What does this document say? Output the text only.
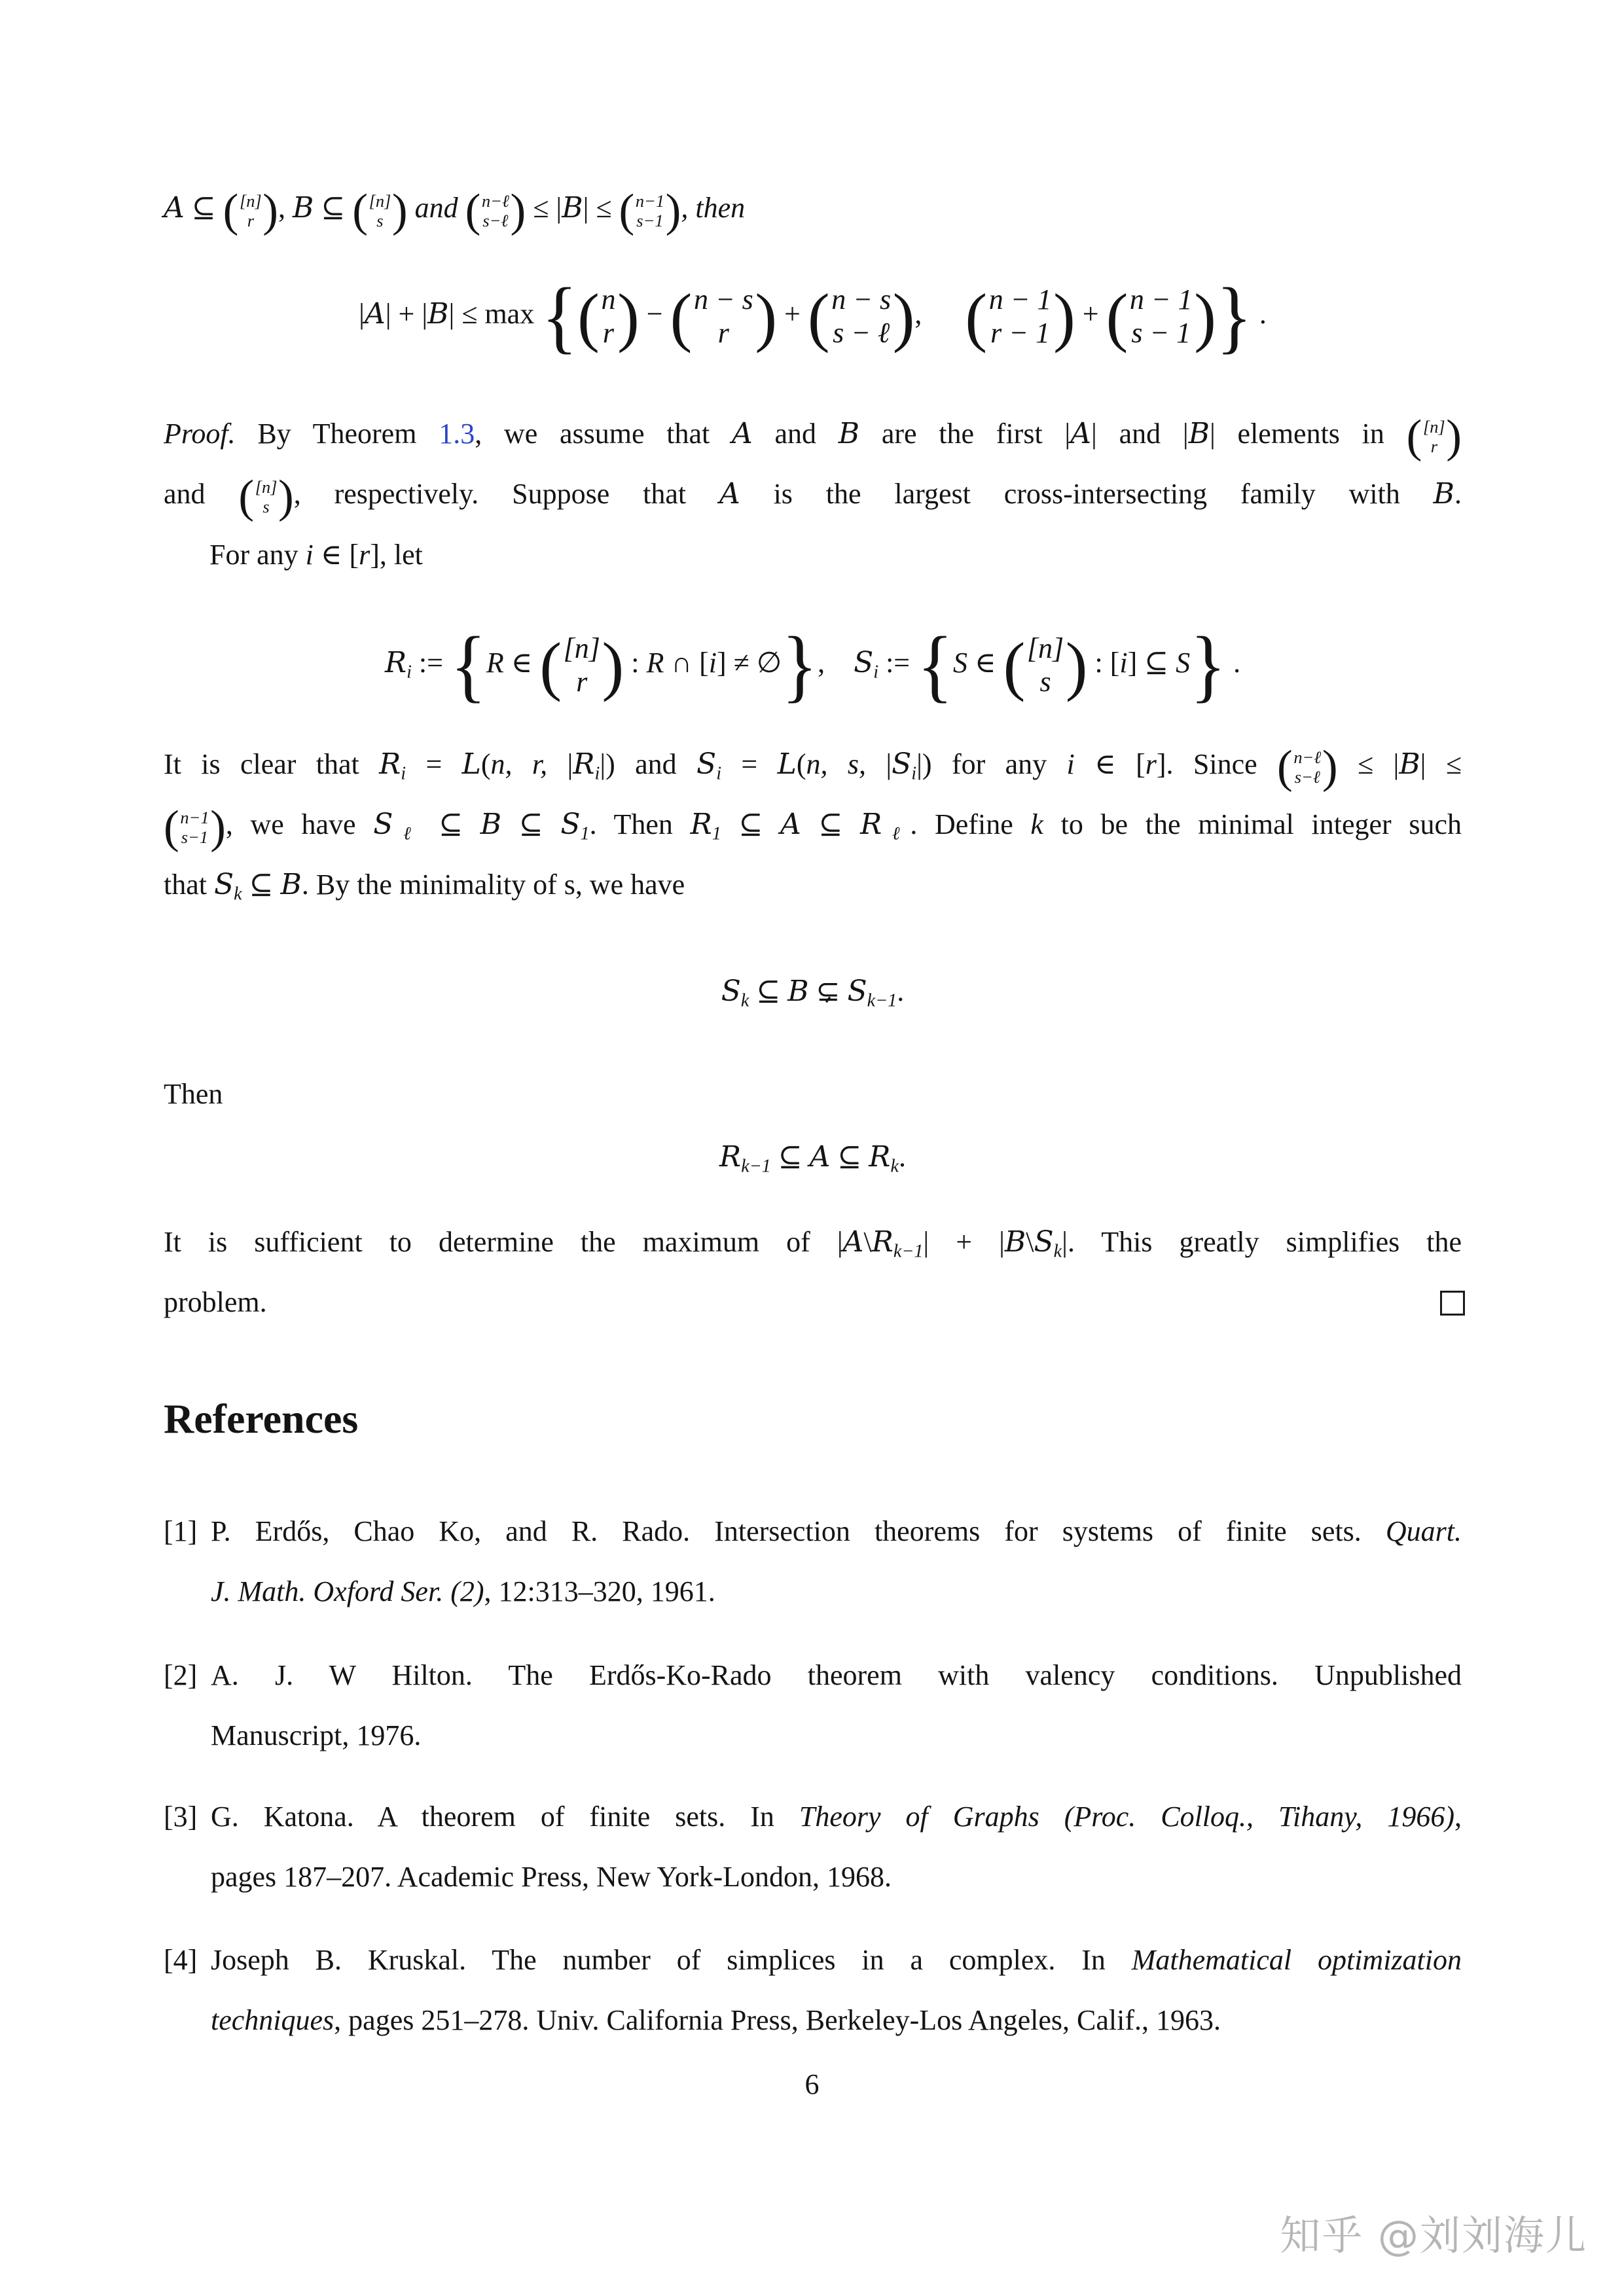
A ⊆ ( [n]
r
) , B ⊆ ( [n]
s
) and ( n−ℓ
s−ℓ
) ≤ |B| ≤ ( n−1
s−1
) , then
|A| + |B| ≤ max { ( n
r
) − ( n − s
r
) + ( n − s
s − ℓ
),   ( n − 1
r − 1
) + ( n − 1
s − 1
) } .
Proof. By Theorem 1.3, we assume that A and B are the first |A| and |B| elements in ( [n]
r
)
and ( [n]
s
) , respectively. Suppose that A is the largest cross-intersecting family with B.
For any i ∈ [r], let
Ri := {R ∈ ( [n]
r
) : R ∩ [i] ≠ ∅}, Si := {S ∈ ( [n]
s
) : [i] ⊆ S} .
It is clear that Ri = L(n, r, |Ri|) and Si = L(n, s, |Si|) for any i ∈ [r]. Since ( n−ℓ
s−ℓ
) ≤ |B| ≤
( n−1
s−1
) , we have Sℓ ⊆ B ⊆ S1. Then R1 ⊆ A ⊆ Rℓ. Define k to be the minimal integer such
that Sk ⊆ B. By the minimality of s, we have
Sk ⊆ B ⊊ Sk−1.
Then
Rk−1 ⊆ A ⊆ Rk.
It is sufficient to determine the maximum of |A\Rk−1| + |B\Sk|. This greatly simplifies the
problem.
References
[1] P. Erdős, Chao Ko, and R. Rado. Intersection theorems for systems of finite sets. Quart.
J. Math. Oxford Ser. (2), 12:313–320, 1961.
[2] A. J. W Hilton. The Erdős-Ko-Rado theorem with valency conditions. Unpublished
Manuscript, 1976.
[3] G. Katona. A theorem of finite sets. In Theory of Graphs (Proc. Colloq., Tihany, 1966),
pages 187–207. Academic Press, New York-London, 1968.
[4] Joseph B. Kruskal. The number of simplices in a complex. In Mathematical optimization
techniques, pages 251–278. Univ. California Press, Berkeley-Los Angeles, Calif., 1963.
6
知乎 @刘刘海儿
